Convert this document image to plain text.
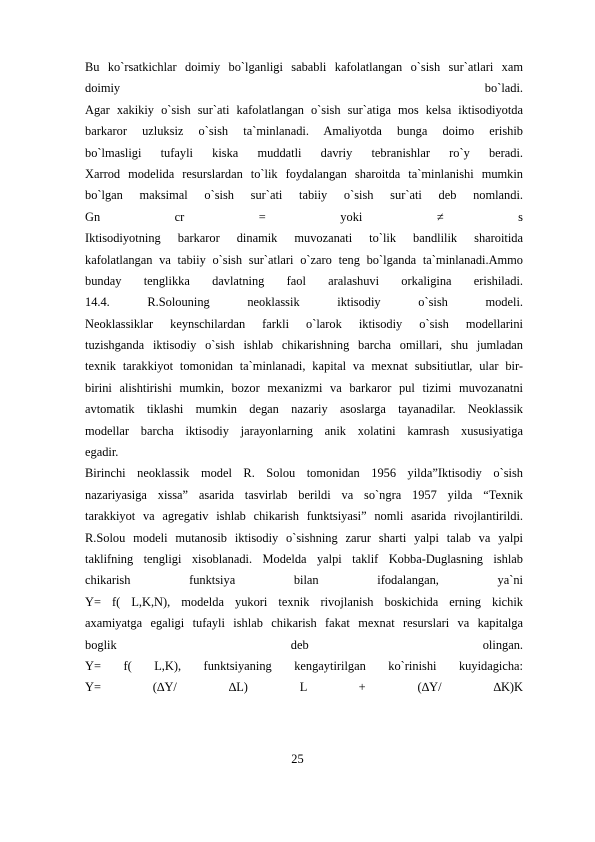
Bu ko`rsatkichlar doimiy bo`lganligi sababli kafolatlangan o`sish sur`atlari xam
doimiy bo`ladi.
Agar xakikiy o`sish sur`ati kafolatlangan o`sish sur`atiga mos kelsa iktisodiyotda
barkaror uzluksiz o`sish ta`minlanadi. Amaliyotda bunga doimo erishib
bo`lmasligi tufayli kiska muddatli davriy tebranishlar ro`y beradi.
Xarrod modelida resurslardan to`lik foydalangan sharoitda ta`minlanishi mumkin
bo`lgan maksimal o`sish sur`ati tabiiy o`sish sur`ati deb nomlandi.
Gn cr = yoki ≠ s
Iktisodiyotning barkaror dinamik muvozanati to`lik bandlilik sharoitida
kafolatlangan va tabiiy o`sish sur`atlari o`zaro teng bo`lganda ta`minlanadi.Ammo
bunday tenglikka davlatning faol aralashuvi orkaligina erishiladi.
14.4. R.Solouning neoklassik iktisodiy o`sish modeli.
Neoklassiklar keynschilardan farkli o`larok iktisodiy o`sish modellarini
tuzishganda iktisodiy o`sish ishlab chikarishning barcha omillari, shu jumladan
texnik tarakkiyot tomonidan ta`minlanadi, kapital va mexnat subsitiutlar, ular bir-
birini alishtirishi mumkin, bozor mexanizmi va barkaror pul tizimi muvozanatni
avtomatik tiklashi mumkin degan nazariy asoslarga tayanadilar. Neoklassik
modellar barcha iktisodiy jarayonlarning anik xolatini kamrash xususiyatiga
egadir.
Birinchi neoklassik model R. Solou tomonidan 1956 yilda”Iktisodiy o`sish
nazariyasiga xissa” asarida tasvirlab berildi va so`ngra 1957 yilda “Texnik
tarakkiyot va agregativ ishlab chikarish funktsiyasi” nomli asarida rivojlantirildi.
R.Solou modeli mutanosib iktisodiy o`sishning zarur sharti yalpi talab va yalpi
taklifning tengligi xisoblanadi. Modelda yalpi taklif Kobba-Duglasning ishlab
chikarish funktsiya bilan ifodalangan, ya`ni
Y= f( L,K,N), modelda yukori texnik rivojlanish boskichida erning kichik
axamiyatga egaligi tufayli ishlab chikarish fakat mexnat resurslari va kapitalga
boglik deb olingan.
Y= f( L,K), funktsiyaning kengaytirilgan ko`rinishi kuyidagicha:
Y= (∆Y/ ∆L) L + (∆Y/ ∆K)K
25
